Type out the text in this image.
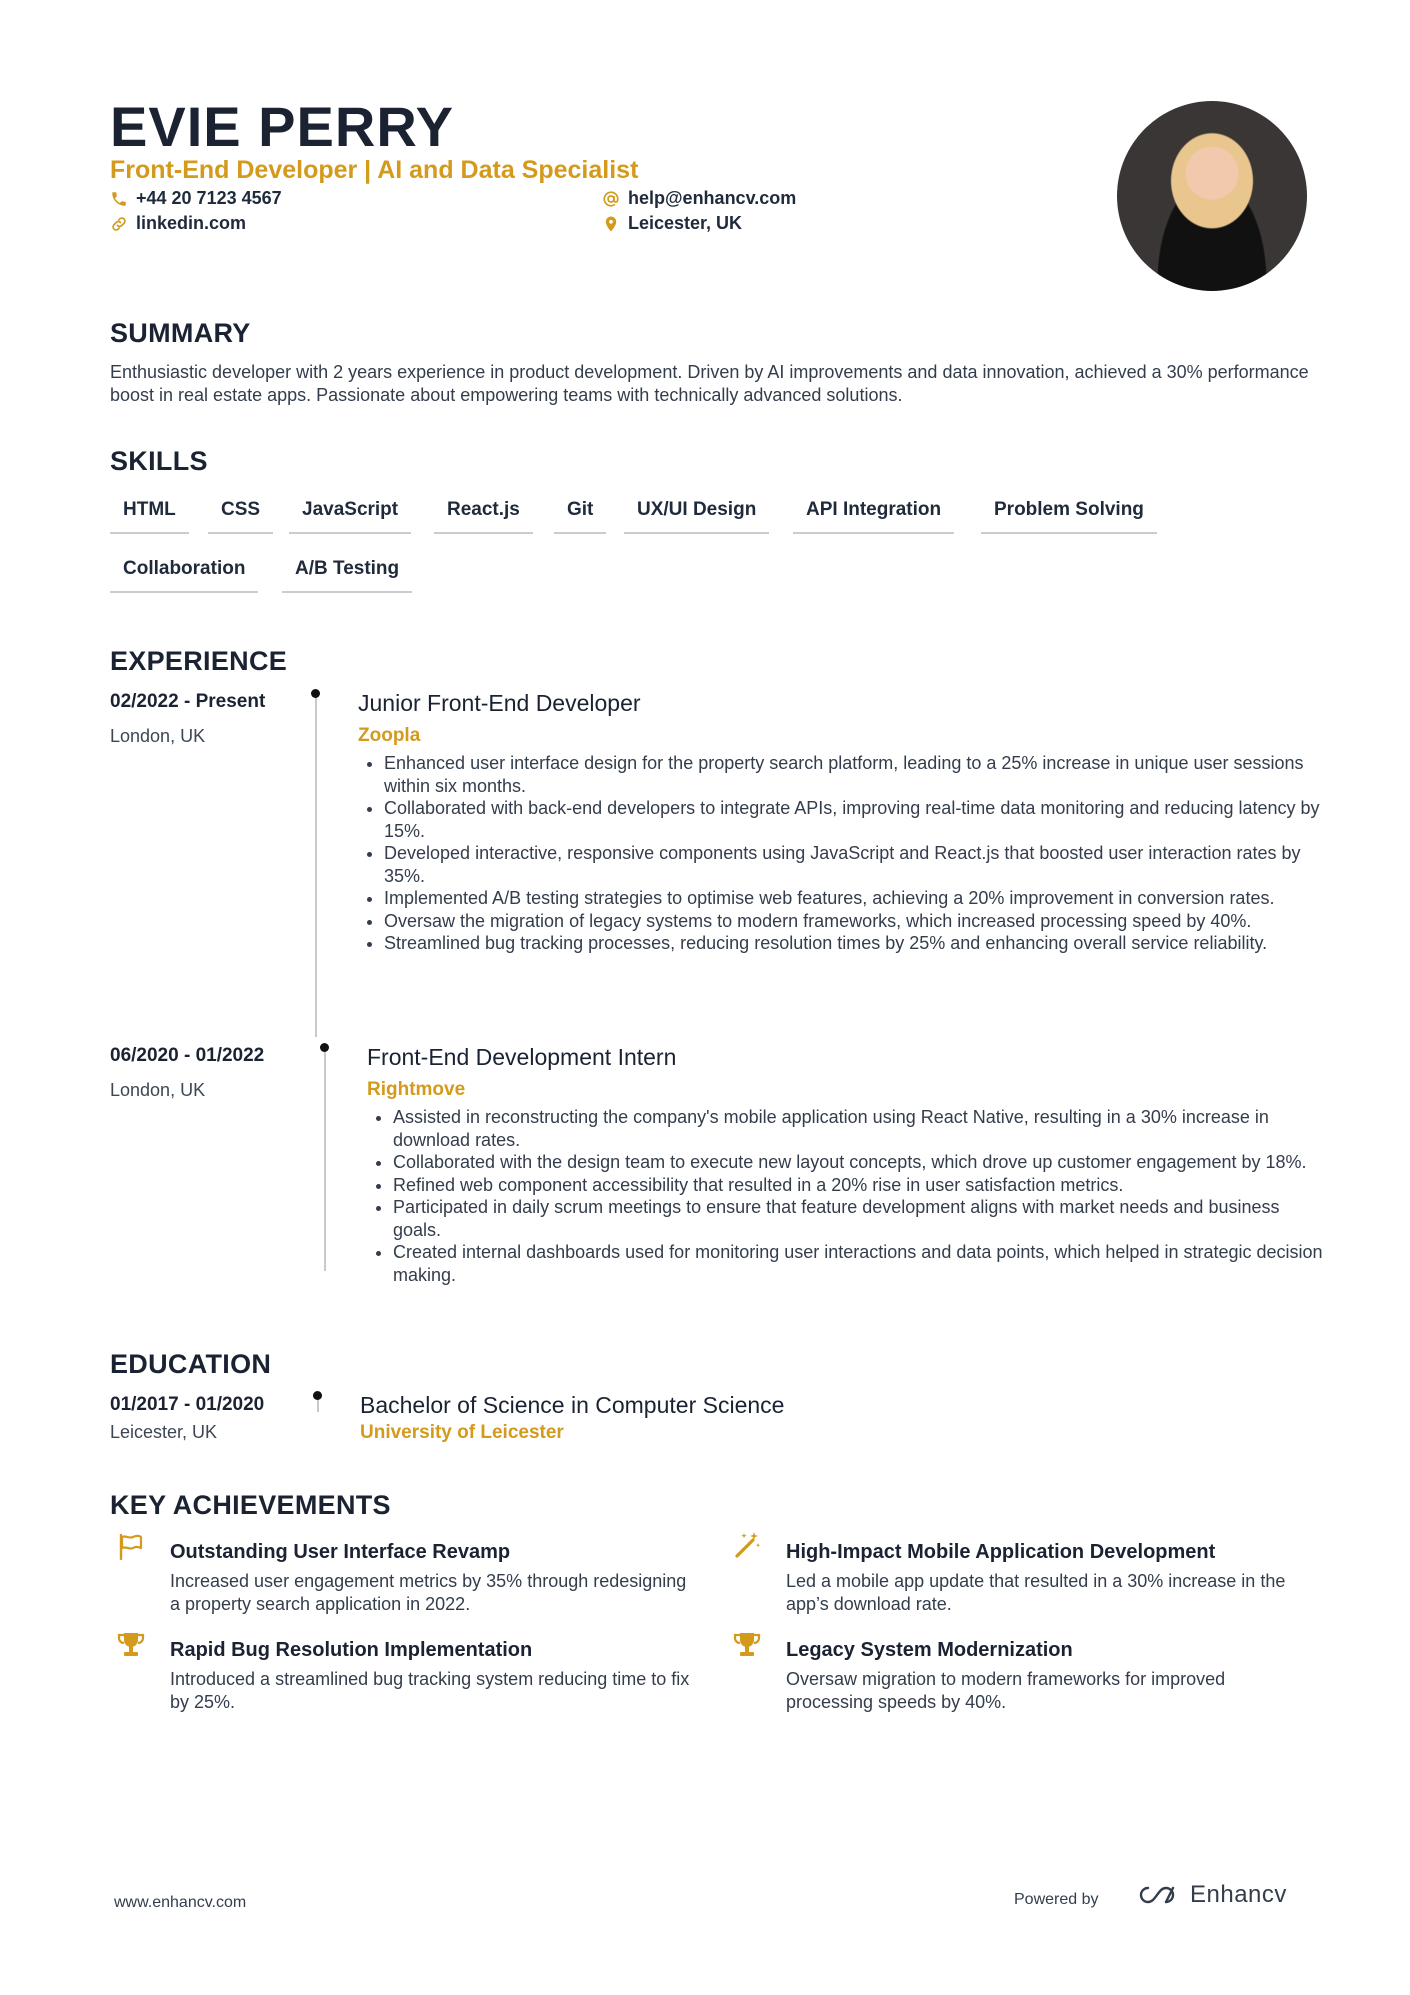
EVIE PERRY
Front-End Developer | AI and Data Specialist
+44 20 7123 4567	help@enhancv.com
linkedin.com	Leicester, UK
SUMMARY

Enthusiastic developer with 2 years experience in product development. Driven by AI improvements and data innovation, achieved a 30% performance boost in real estate apps. Passionate about empowering teams with technically advanced solutions.

SKILLS
HTML	CSS	JavaScript	React.js	Git	UX/UI Design	API Integration	Problem Solving
Collaboration	A/B Testing
EXPERIENCE
02/2022 - Present
London, UK
Junior Front-End Developer
Zoopla
• Enhanced user interface design for the property search platform, leading to a 25% increase in unique user sessions within six months.
• Collaborated with back-end developers to integrate APIs, improving real-time data monitoring and reducing latency by 15%.
• Developed interactive, responsive components using JavaScript and React.js that boosted user interaction rates by 35%.
• Implemented A/B testing strategies to optimise web features, achieving a 20% improvement in conversion rates.
• Oversaw the migration of legacy systems to modern frameworks, which increased processing speed by 40%.
• Streamlined bug tracking processes, reducing resolution times by 25% and enhancing overall service reliability.
06/2020 - 01/2022
London, UK
Front-End Development Intern
Rightmove
• Assisted in reconstructing the company's mobile application using React Native, resulting in a 30% increase in download rates.
• Collaborated with the design team to execute new layout concepts, which drove up customer engagement by 18%.
• Refined web component accessibility that resulted in a 20% rise in user satisfaction metrics.
• Participated in daily scrum meetings to ensure that feature development aligns with market needs and business goals.
• Created internal dashboards used for monitoring user interactions and data points, which helped in strategic decision making.
EDUCATION
01/2017 - 01/2020
Leicester, UK
Bachelor of Science in Computer Science
University of Leicester
KEY ACHIEVEMENTS
Outstanding User Interface Revamp

Increased user engagement metrics by 35% through redesigning a property search application in 2022.

High-Impact Mobile Application Development

Led a mobile app update that resulted in a 30% increase in the app’s download rate.

Rapid Bug Resolution Implementation

Introduced a streamlined bug tracking system reducing time to fix by 25%.

Legacy System Modernization

Oversaw migration to modern frameworks for improved processing speeds by 40%.

www.enhancv.com	Powered by	Enhancv
